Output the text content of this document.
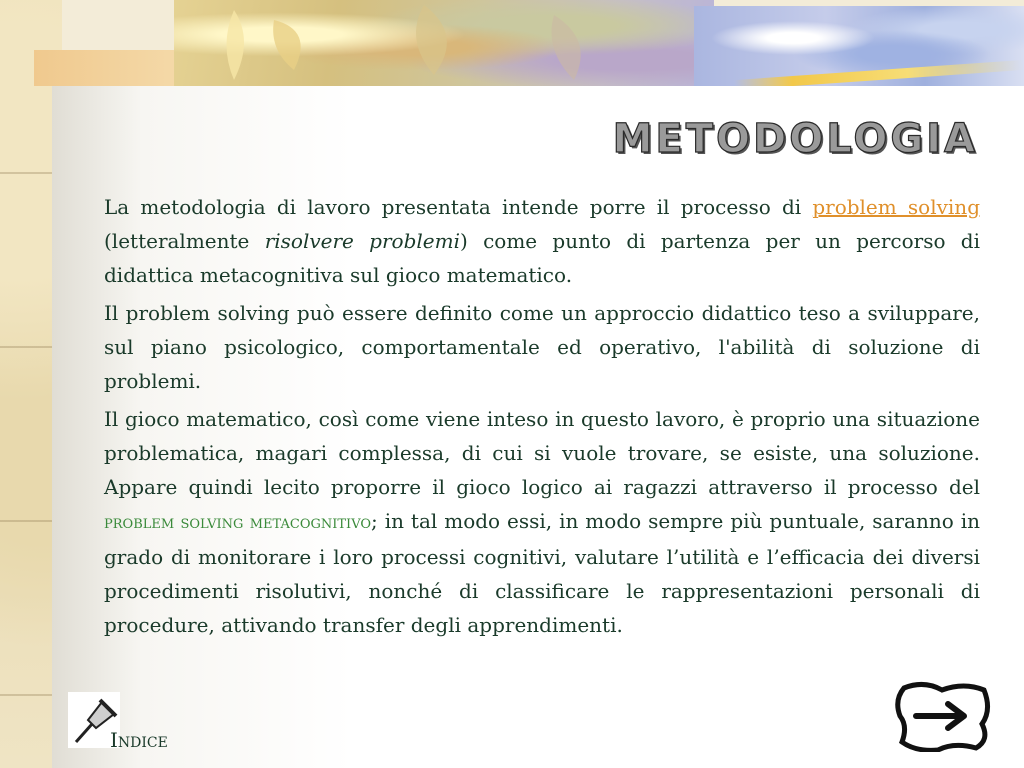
METODOLOGIA

La metodologia di lavoro presentata intende porre il processo di problem solving (letteralmente risolvere problemi) come punto di partenza per un percorso di didattica metacognitiva sul gioco matematico.

Il problem solving può essere definito come un approccio didattico teso a sviluppare, sul piano psicologico, comportamentale ed operativo, l'abilità di soluzione di problemi.

Il gioco matematico, così come viene inteso in questo lavoro, è proprio una situazione problematica, magari complessa, di cui si vuole trovare, se esiste, una soluzione. Appare quindi lecito proporre il gioco logico ai ragazzi attraverso il processo del problem solving metacognitivo; in tal modo essi, in modo sempre più puntuale, saranno in grado di monitorare i loro processi cognitivi, valutare l’utilità e l’efficacia dei diversi procedimenti risolutivi, nonché di classificare le rappresentazioni personali di procedure, attivando transfer degli apprendimenti.

Indice
